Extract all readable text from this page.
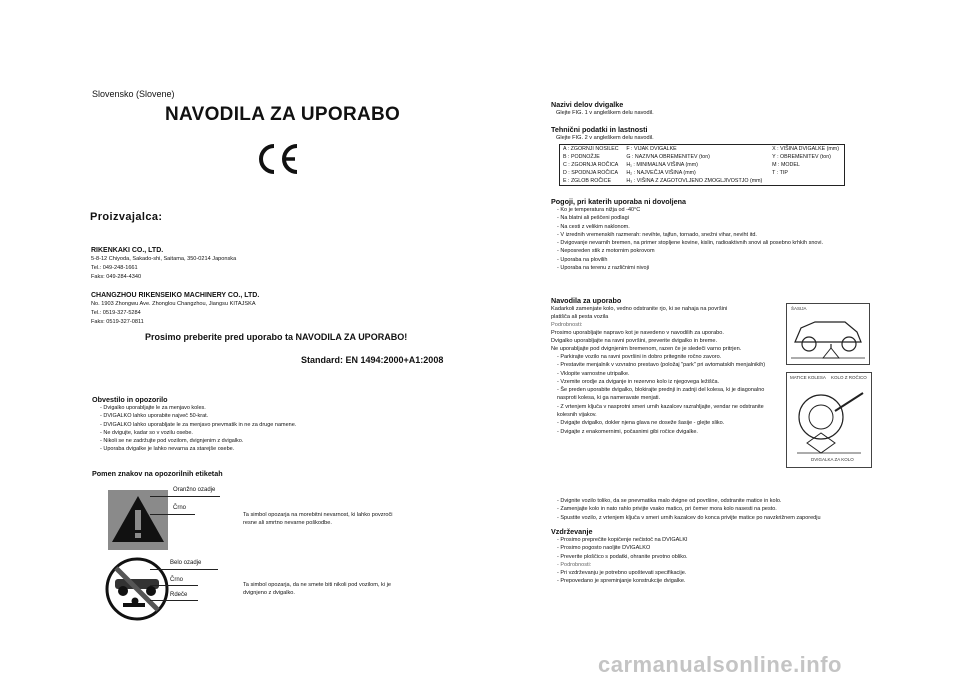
Slovensko (Slovene)
NAVODILA ZA UPORABO
Proizvajalca:
RIKENKAKI CO., LTD.
5-8-12 Chiyoda, Sakado-shi, Saitama, 350-0214 Japonska
Tel.: 049-248-1661
Faks: 049-284-4340
CHANGZHOU RIKENSEIKO MACHINERY CO., LTD.
No. 1903 Zhongwu Ave. Zhonglou Changzhou, Jiangsu KITAJSKA
Tel.: 0519-327-5284
Faks: 0519-327-0811
Prosimo preberite pred uporabo ta NAVODILA ZA UPORABO!
Standard: EN 1494:2000+A1:2008
Obvestilo in opozorilo
- Dvigalko uporabljajte le za menjavo koles.
- DVIGALKO lahko uporabite največ 50-krat.
- DVIGALKO lahko uporabljate le za menjavo pnevmatik in ne za druge namene.
- Ne dvigujte, kadar so v vozilu osebe.
- Nikoli se ne zadržujte pod vozilom, dvignjenim z dvigalko.
- Uporaba dvigalke je lahko nevarna za starejše osebe.
Pomen znakov na opozorilnih etiketah
Oranžno ozadje
Črno
Ta simbol opozarja na morebitni nevarnost, ki lahko povzroči resne ali smrtno nevarne poškodbe.
Belo ozadje
Črno
Rdeče
Ta simbol opozarja, da ne smete biti nikoli pod vozilom, ki je dvignjeno z dvigalko.
Nazivi delov dvigalke
Glejte FIG. 1 v angleškem delu navodil.
Tehnični podatki in lastnosti
Glejte FIG. 2 v angleškem delu navodil.
A : ZGORNJI NOSILEC	F : VIJAK DVIGALKE	X : VIŠINA DVIGALKE (mm)
B : PODNOŽJE	G : NAZIVNA OBREMENITEV (ton)	Y : OBREMENITEV (ton)
C : ZGORNJA ROČICA	H₁ : MINIMALNA VIŠINA (mm)	M : MODEL
D : SPODNJA ROČICA	H₂ : NAJVEČJA VIŠINA (mm)	T : TIP
E : ZGLOB ROČICE	H₃ : VIŠINA Z ZAGOTOVLJENO ZMOGLJIVOSTJO (mm)	
Pogoji, pri katerih uporaba ni dovoljena
- Ko je temperatura nižja od -40°C
- Na blatni ali peščeni podlagi
- Na cesti z velikim naklonom.
- V izrednih vremenskih razmerah: nevihte, tajfun, tornado, snežni vihar, neviht itd.
- Dvigovanje nevarnih bremen, na primer stopljene kovine, kislin, radioaktivnih snovi ali posebno krhkih snovi.
- Neposreden stik z motornim pokrovom
- Uporaba na plovilih
- Uporaba na terenu z različnimi nivoji
Navodila za uporabo
Kadarkoli zamenjate kolo, vedno odstranite rjo, ki se nahaja na površini
platišča ali pesta vozila
Podrobnosti:
Prosimo uporabljajte napravo kot je navedeno v navodilih za uporabo.
Dvigalko uporabljajte na ravni površini, preverite dvigalko in breme.
Ne uporabljajte pod dvignjenim bremenom, razen če je sledeči varno pritrjen.
- Parkirajte vozilo na ravni površini in dobro pritegnite ročno zavoro.
- Prestavite menjalnik v vzvratno prestavo (položaj "park" pri avtomatskih menjalnikih)
- Vklopite varnostne utripalke.
- Vzemite orodje za dviganje in rezervno kolo iz njegovega ležišča.
- Še preden uporabite dvigalko, blokirajte prednji in zadnji del kolesa, ki je diagonalno nasproti kolesa, ki ga nameravate menjati.
- Z vrtenjem ključa v nasprotni smeri urnih kazalcev razrahljajte, vendar ne odstranite kolesnih vijakov.
- Dvigajte dvigalko, dokler njena glava ne doseže šasije - glejte sliko.
- Dvigajte z enakomernimi, počasnimi gibi ročice dvigalke.
- Dvignite vozilo toliko, da se pnevmatika malo dvigne od površine, odstranite matice in kolo.
- Zamenjajte kolo in nato rahlo privijte vsako matico, pri čemer mora kolo nasesti na pesto.
- Spustite vozilo, z vrtenjem ključa v smeri urnih kazalcev do konca privijte matice po navzkrižnem zaporedju
Vzdrževanje
- Prosimo preprečite kopičenje nečistoč na DVIGALKI
- Prosimo pogosto naoljite DVIGALKO
- Preverite ploščico s podatki, ohranite prvotno obliko.
- Podrobnosti:
- Pri vzdrževanju je potrebno upoštevati specifikacije.
- Prepovedano je spreminjanje konstrukcije dvigalke.
ŠASIJA
MATICE KOLESA KOLO Z ROČICO
DVIGALKA ZA KOLO
carmanualsonline.info
